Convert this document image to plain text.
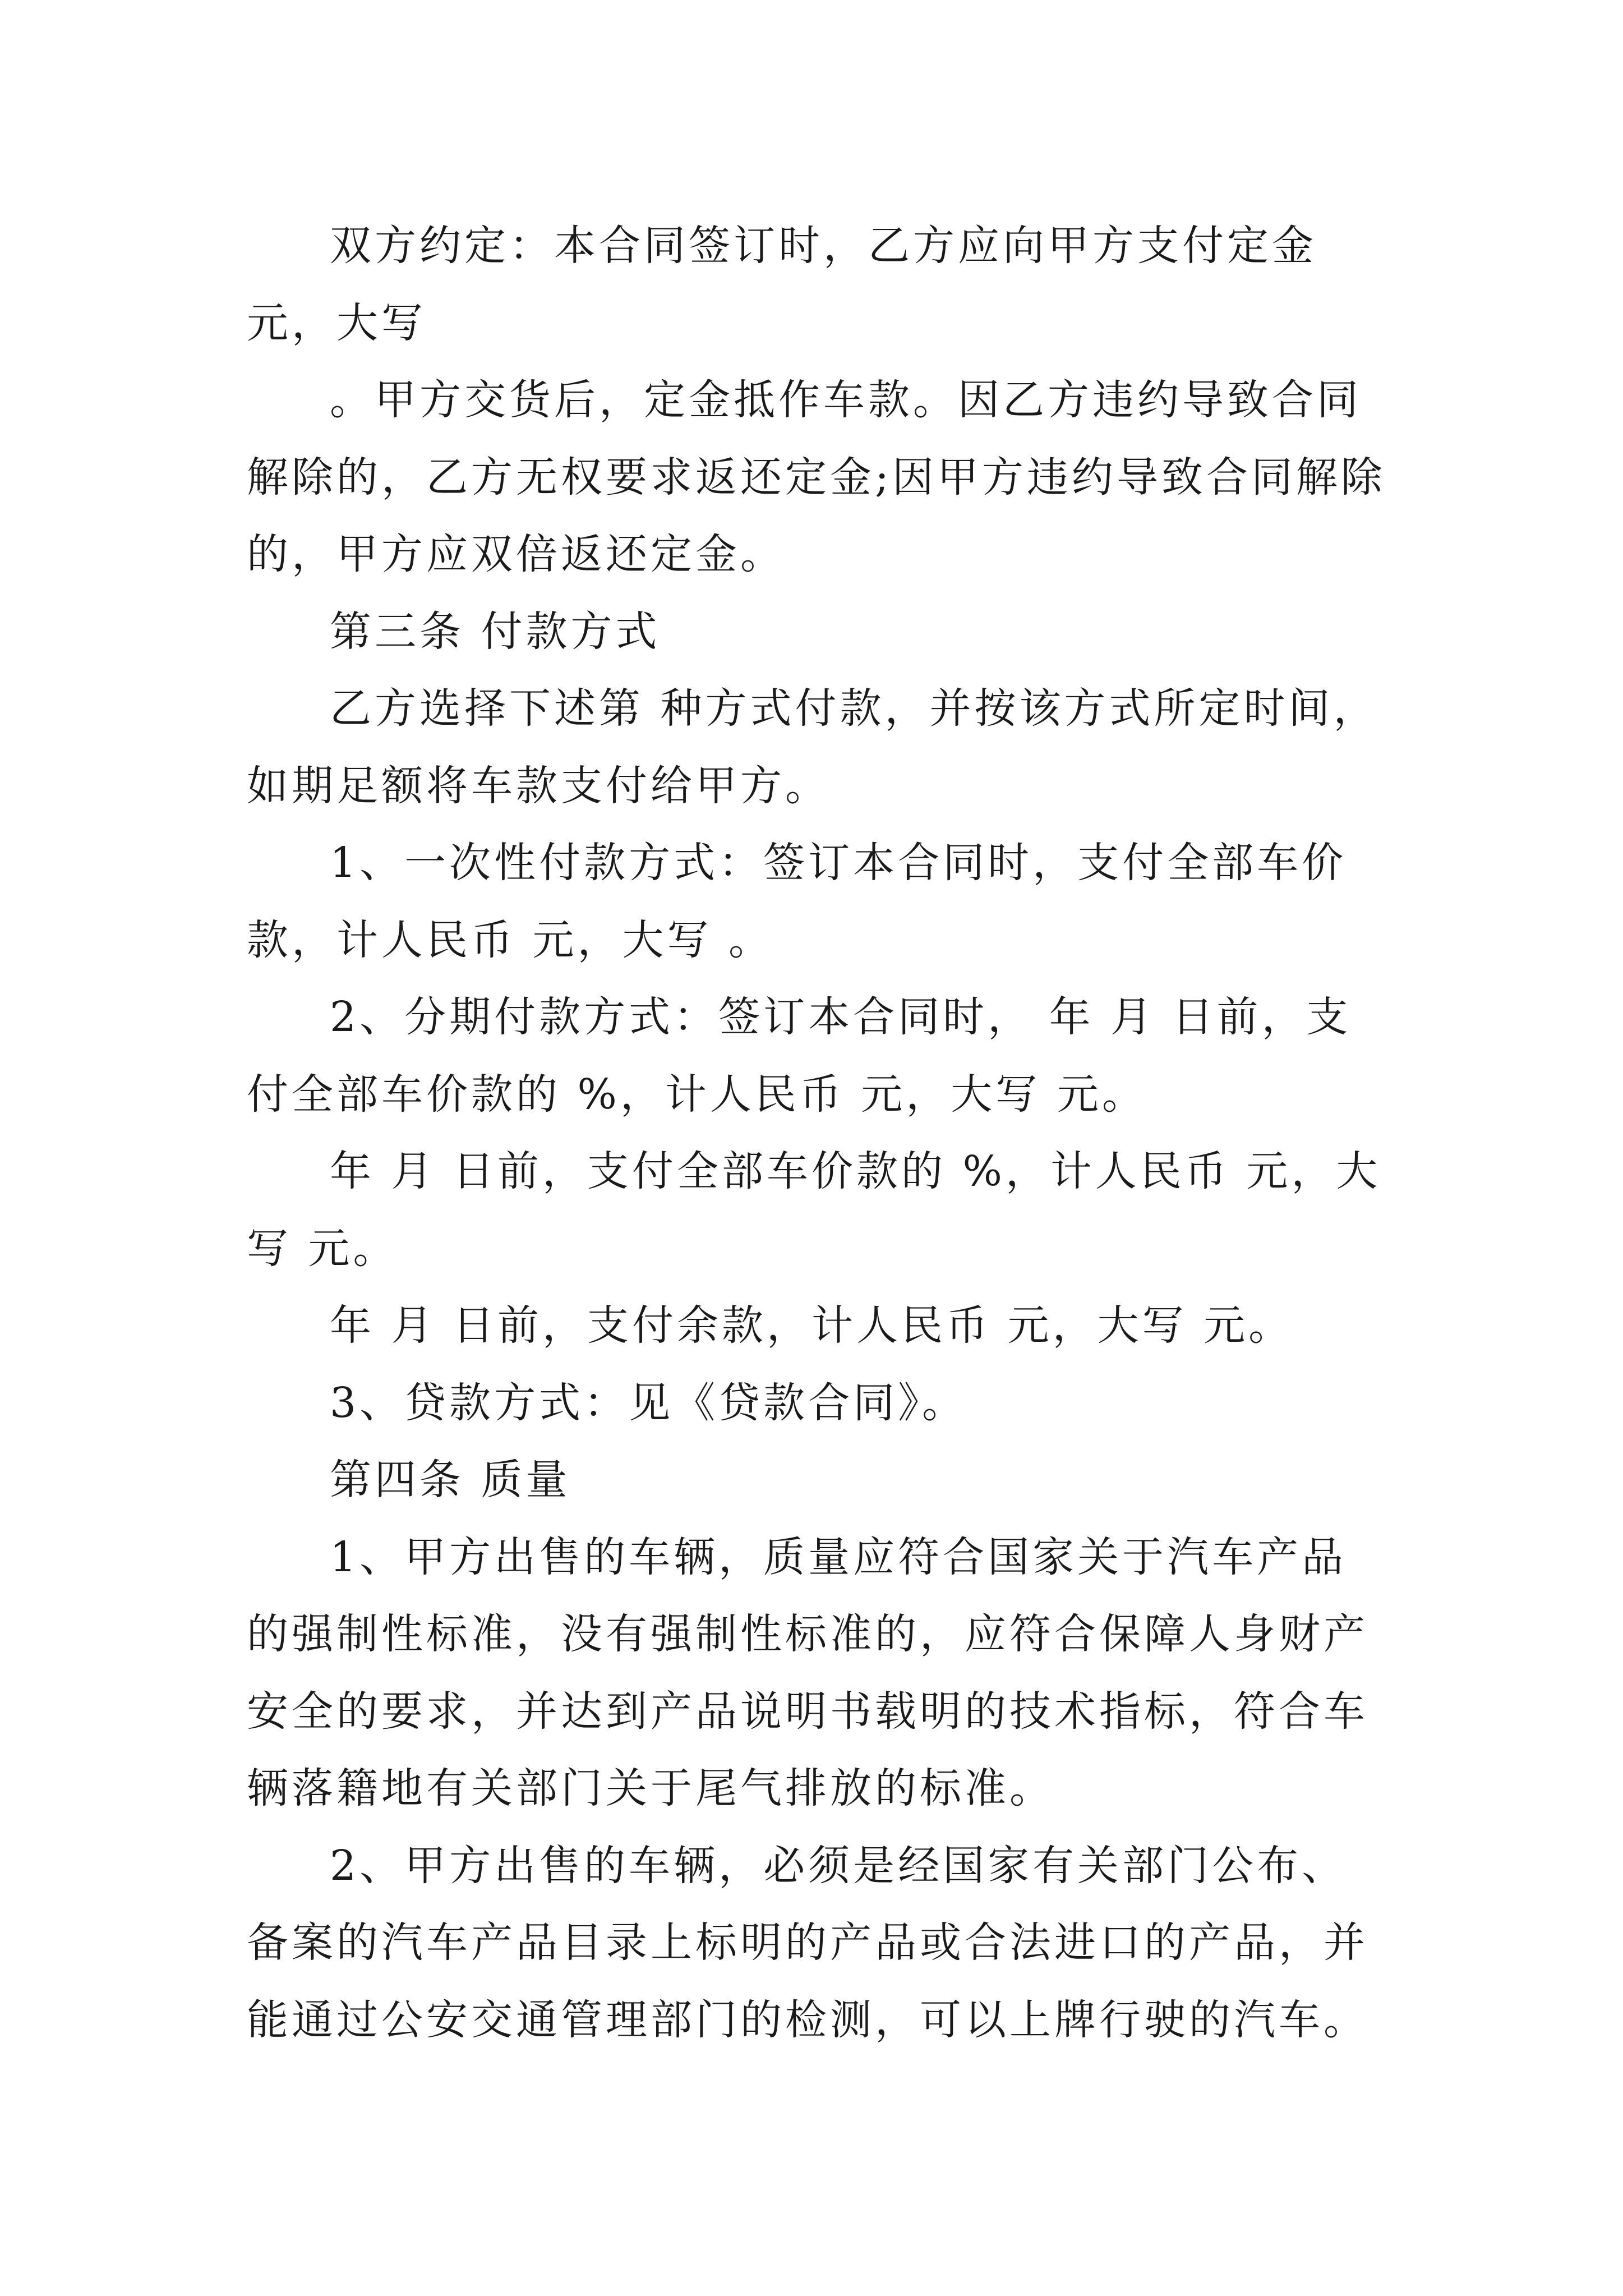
双方约定：本合同签订时，乙方应向甲方支付定金 元，大写

。甲方交货后，定金抵作车款。因乙方违约导致合同解除的，乙方无权要求返还定金;因甲方违约导致合同解除的，甲方应双倍返还定金。

第三条 付款方式

乙方选择下述第 种方式付款，并按该方式所定时间，如期足额将车款支付给甲方。

1、一次性付款方式：签订本合同时，支付全部车价款，计人民币 元，大写 。

2、分期付款方式：签订本合同时， 年 月 日前，支付全部车价款的 %，计人民币 元，大写 元。

年 月 日前，支付全部车价款的 %，计人民币 元，大写 元。

年 月 日前，支付余款，计人民币 元，大写 元。

3、贷款方式：见《贷款合同》。

第四条 质量

1、甲方出售的车辆，质量应符合国家关于汽车产品的强制性标准，没有强制性标准的，应符合保障人身财产安全的要求，并达到产品说明书载明的技术指标，符合车辆落籍地有关部门关于尾气排放的标准。

2、甲方出售的车辆，必须是经国家有关部门公布、备案的汽车产品目录上标明的产品或合法进口的产品，并能通过公安交通管理部门的检测，可以上牌行驶的汽车。
